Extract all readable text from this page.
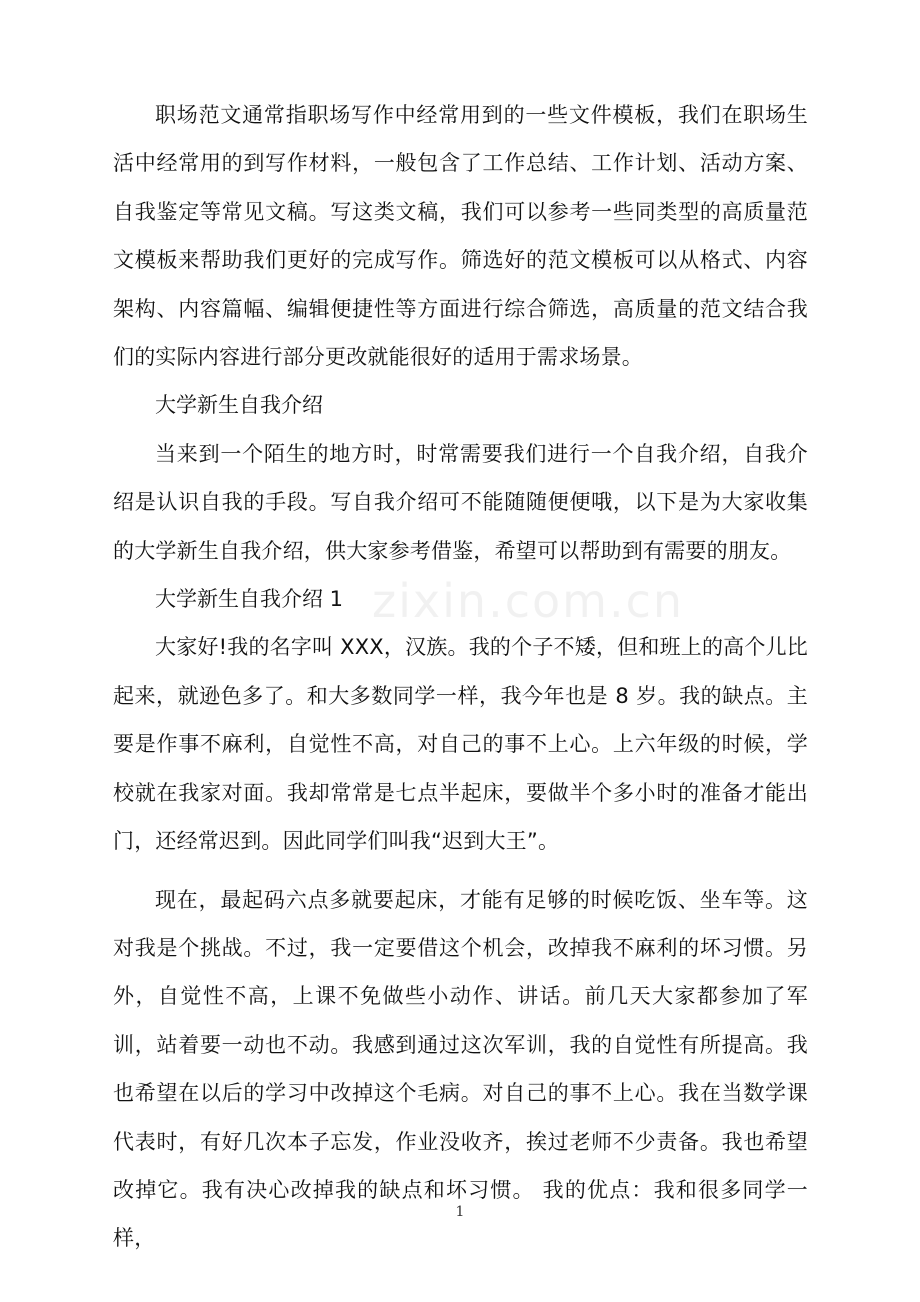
zixin.com.cn

职场范文通常指职场写作中经常用到的一些文件模板，我们在职场生活中经常用的到写作材料，一般包含了工作总结、工作计划、活动方案、自我鉴定等常见文稿。写这类文稿，我们可以参考一些同类型的高质量范文模板来帮助我们更好的完成写作。筛选好的范文模板可以从格式、内容架构、内容篇幅、编辑便捷性等方面进行综合筛选，高质量的范文结合我们的实际内容进行部分更改就能很好的适用于需求场景。

大学新生自我介绍

当来到一个陌生的地方时，时常需要我们进行一个自我介绍，自我介绍是认识自我的手段。写自我介绍可不能随随便便哦，以下是为大家收集的大学新生自我介绍，供大家参考借鉴，希望可以帮助到有需要的朋友。

大学新生自我介绍 1

大家好!我的名字叫 XXX，汉族。我的个子不矮，但和班上的高个儿比起来，就逊色多了。和大多数同学一样，我今年也是 8 岁。我的缺点。主要是作事不麻利，自觉性不高，对自己的事不上心。上六年级的时候，学校就在我家对面。我却常常是七点半起床，要做半个多小时的准备才能出门，还经常迟到。因此同学们叫我“迟到大王”。

现在，最起码六点多就要起床，才能有足够的时候吃饭、坐车等。这对我是个挑战。不过，我一定要借这个机会，改掉我不麻利的坏习惯。另外，自觉性不高，上课不免做些小动作、讲话。前几天大家都参加了军训，站着要一动也不动。我感到通过这次军训，我的自觉性有所提高。我也希望在以后的学习中改掉这个毛病。对自己的事不上心。我在当数学课代表时，有好几次本子忘发，作业没收齐，挨过老师不少责备。我也希望改掉它。我有决心改掉我的缺点和坏习惯。 我的优点：我和很多同学一样，

1
